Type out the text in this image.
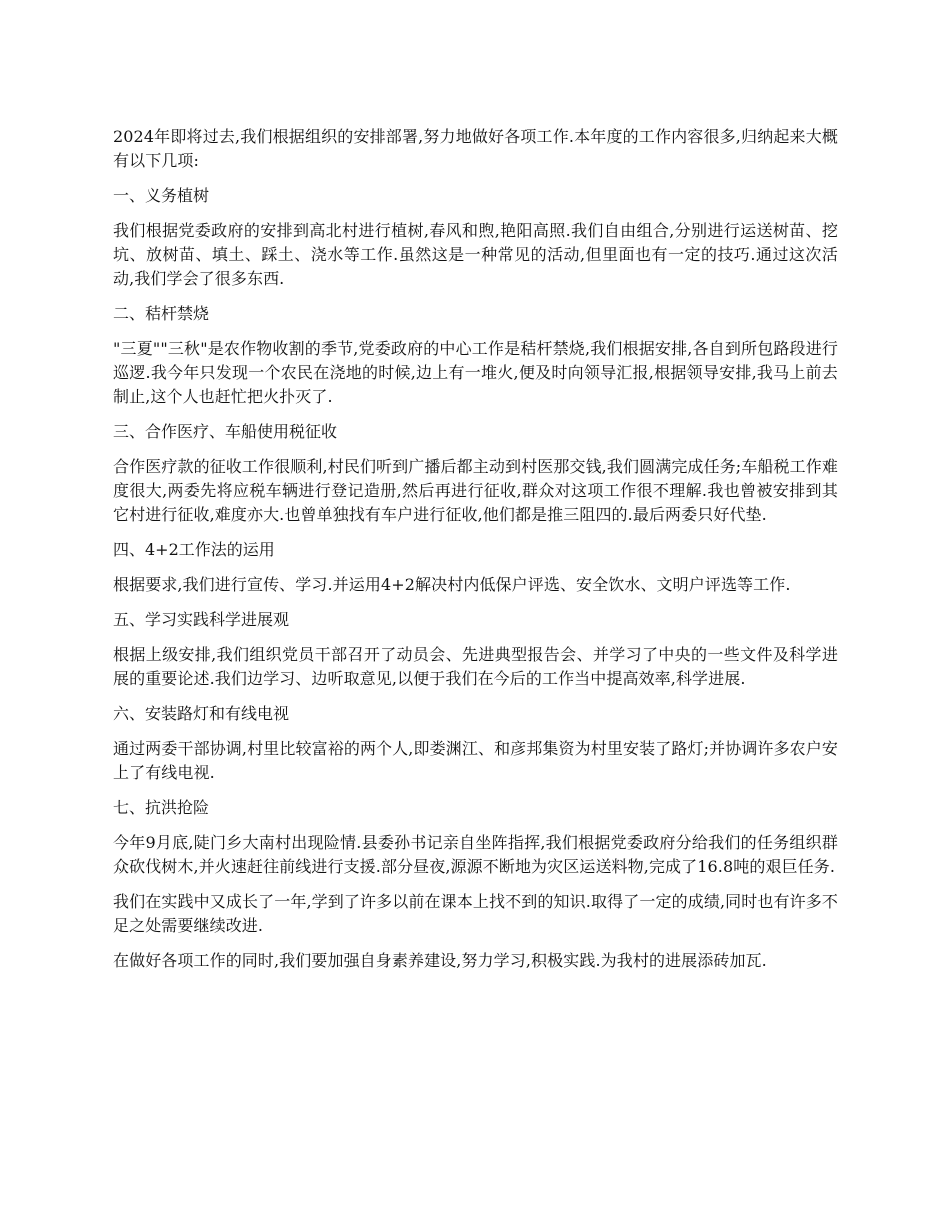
2024年即将过去,我们根据组织的安排部署,努力地做好各项工作.本年度的工作内容很多,归纳起来大概有以下几项:

一、义务植树

我们根据党委政府的安排到高北村进行植树,春风和煦,艳阳高照.我们自由组合,分别进行运送树苗、挖坑、放树苗、填土、踩土、浇水等工作.虽然这是一种常见的活动,但里面也有一定的技巧.通过这次活动,我们学会了很多东西.

二、秸杆禁烧

"三夏""三秋"是农作物收割的季节,党委政府的中心工作是秸杆禁烧,我们根据安排,各自到所包路段进行巡逻.我今年只发现一个农民在浇地的时候,边上有一堆火,便及时向领导汇报,根据领导安排,我马上前去制止,这个人也赶忙把火扑灭了.

三、合作医疗、车船使用税征收

合作医疗款的征收工作很顺利,村民们听到广播后都主动到村医那交钱,我们圆满完成任务;车船税工作难度很大,两委先将应税车辆进行登记造册,然后再进行征收,群众对这项工作很不理解.我也曾被安排到其它村进行征收,难度亦大.也曾单独找有车户进行征收,他们都是推三阻四的.最后两委只好代垫.

四、4+2工作法的运用

根据要求,我们进行宣传、学习.并运用4+2解决村内低保户评选、安全饮水、文明户评选等工作.

五、学习实践科学进展观

根据上级安排,我们组织党员干部召开了动员会、先进典型报告会、并学习了中央的一些文件及科学进展的重要论述.我们边学习、边听取意见,以便于我们在今后的工作当中提高效率,科学进展.

六、安装路灯和有线电视

通过两委干部协调,村里比较富裕的两个人,即娄渊江、和彦邦集资为村里安装了路灯;并协调许多农户安上了有线电视.

七、抗洪抢险

今年9月底,陡门乡大南村出现险情.县委孙书记亲自坐阵指挥,我们根据党委政府分给我们的任务组织群众砍伐树木,并火速赶往前线进行支援.部分昼夜,源源不断地为灾区运送料物,完成了16.8吨的艰巨任务.

我们在实践中又成长了一年,学到了许多以前在课本上找不到的知识.取得了一定的成绩,同时也有许多不足之处需要继续改进.

在做好各项工作的同时,我们要加强自身素养建设,努力学习,积极实践.为我村的进展添砖加瓦.
